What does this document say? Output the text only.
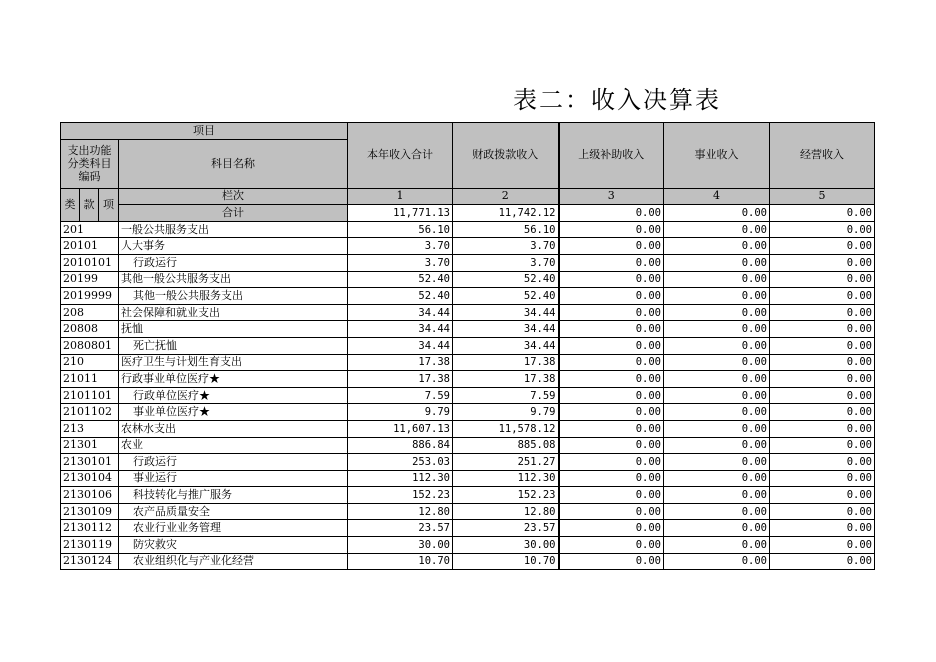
表二：收入决算表
项目				本年收入合计	财政拨款收入	上级补助收入	事业收入	经营收入
支出功能分类科目编码			科目名称					
类	款	项	栏次	1	2	3	4	5
			合计	11,771.13	11,742.12	0.00	0.00	0.00
201			一般公共服务支出	56.10	56.10	0.00	0.00	0.00
20101			人大事务	3.70	3.70	0.00	0.00	0.00
2010101			行政运行	3.70	3.70	0.00	0.00	0.00
20199			其他一般公共服务支出	52.40	52.40	0.00	0.00	0.00
2019999			其他一般公共服务支出	52.40	52.40	0.00	0.00	0.00
208			社会保障和就业支出	34.44	34.44	0.00	0.00	0.00
20808			抚恤	34.44	34.44	0.00	0.00	0.00
2080801			死亡抚恤	34.44	34.44	0.00	0.00	0.00
210			医疗卫生与计划生育支出	17.38	17.38	0.00	0.00	0.00
21011			行政事业单位医疗★	17.38	17.38	0.00	0.00	0.00
2101101			行政单位医疗★	7.59	7.59	0.00	0.00	0.00
2101102			事业单位医疗★	9.79	9.79	0.00	0.00	0.00
213			农林水支出	11,607.13	11,578.12	0.00	0.00	0.00
21301			农业	886.84	885.08	0.00	0.00	0.00
2130101			行政运行	253.03	251.27	0.00	0.00	0.00
2130104			事业运行	112.30	112.30	0.00	0.00	0.00
2130106			科技转化与推广服务	152.23	152.23	0.00	0.00	0.00
2130109			农产品质量安全	12.80	12.80	0.00	0.00	0.00
2130112			农业行业业务管理	23.57	23.57	0.00	0.00	0.00
2130119			防灾救灾	30.00	30.00	0.00	0.00	0.00
2130124			农业组织化与产业化经营	10.70	10.70	0.00	0.00	0.00
